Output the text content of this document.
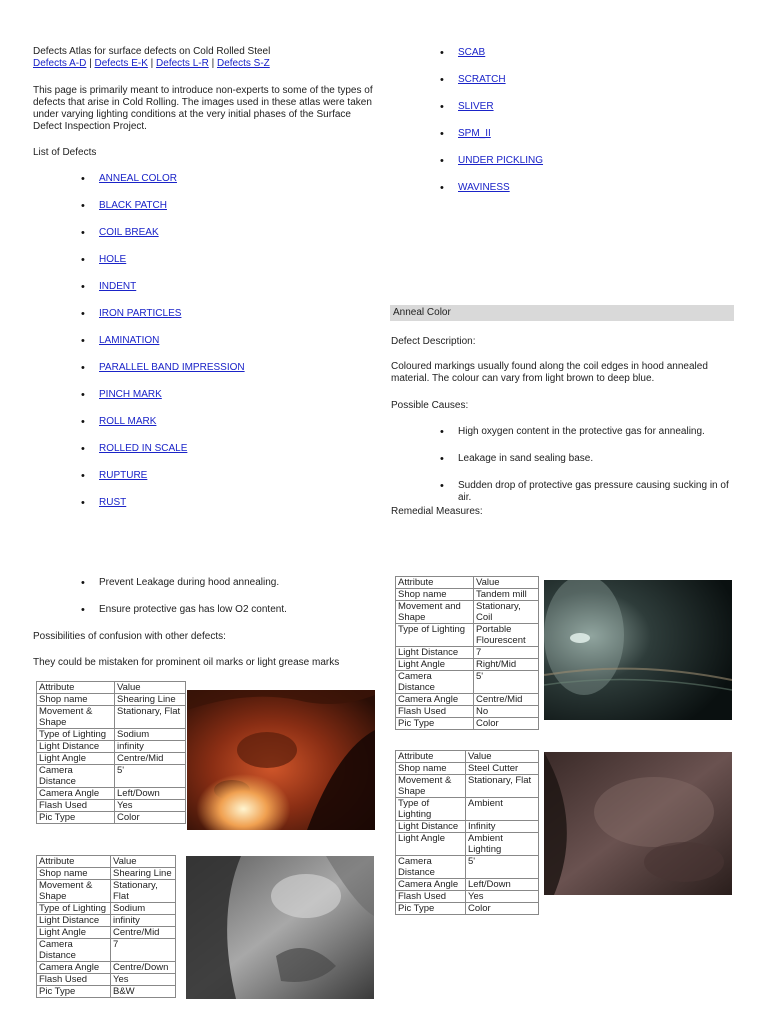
Defects Atlas for surface defects on Cold Rolled Steel
Defects A-D | Defects E-K | Defects L-R | Defects S-Z
This page is primarily meant to introduce non-experts to some of the types of defects that arise in Cold Rolling. The images used in these atlas were taken under varying lighting conditions at the very initial phases of the Surface Defect Inspection Project.
List of Defects
• ANNEAL COLOR
• BLACK PATCH
• COIL BREAK
• HOLE
• INDENT
• IRON PARTICLES
• LAMINATION
• PARALLEL BAND IMPRESSION
• PINCH MARK
• ROLL MARK
• ROLLED IN SCALE
• RUPTURE
• RUST
• SCAB
• SCRATCH
• SLIVER
• SPM_II
• UNDER PICKLING
• WAVINESS
Anneal Color
Defect Description:
Coloured markings usually found along the coil edges in hood annealed material. The colour can vary from light brown to deep blue.
Possible Causes:
• High oxygen content in the protective gas for annealing.
• Leakage in sand sealing base.
• Sudden drop of protective gas pressure causing sucking in of air.
Remedial Measures:
• Prevent Leakage during hood annealing.
• Ensure protective gas has low O2 content.
Possibilities of confusion with other defects:
They could be mistaken for prominent oil marks or light grease marks
Attribute	Value
Shop name	Shearing Line
Movement & Shape	Stationary, Flat
Type of Lighting	Sodium
Light Distance	infinity
Light Angle	Centre/Mid
Camera Distance	5'
Camera Angle	Left/Down
Flash Used	Yes
Pic Type	Color
Attribute	Value
Shop name	Shearing Line
Movement & Shape	Stationary, Flat
Type of Lighting	Sodium
Light Distance	infinity
Light Angle	Centre/Mid
Camera Distance	7
Camera Angle	Centre/Down
Flash Used	Yes
Pic Type	B&W
Attribute	Value
Shop name	Tandem mill
Movement and Shape	Stationary, Coil
Type of Lighting	Portable Flourescent
Light Distance	7
Light Angle	Right/Mid
Camera Distance	5'
Camera Angle	Centre/Mid
Flash Used	No
Pic Type	Color
Attribute	Value
Shop name	Steel Cutter
Movement & Shape	Stationary, Flat
Type of Lighting	Ambient
Light Distance	Infinity
Light Angle	Ambient Lighting
Camera Distance	5'
Camera Angle	Left/Down
Flash Used	Yes
Pic Type	Color
